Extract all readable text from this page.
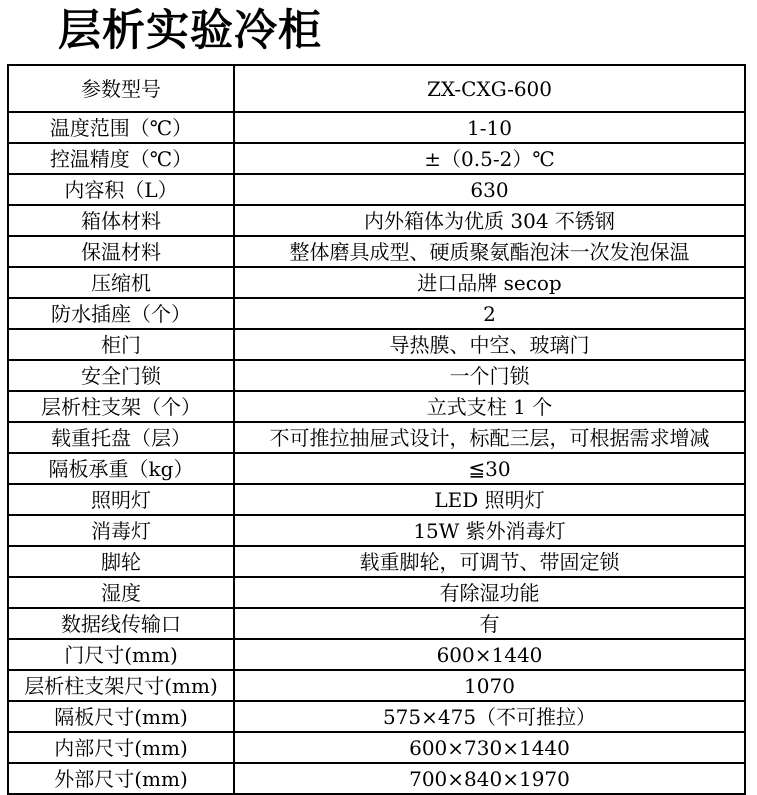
层析实验冷柜
参数型号	ZX-CXG-600
温度范围（℃）	1-10
控温精度（℃）	±（0.5-2）℃
内容积（L）	630
箱体材料	内外箱体为优质 304 不锈钢
保温材料	整体磨具成型、硬质聚氨酯泡沫一次发泡保温
压缩机	进口品牌 secop
防水插座（个）	2
柜门	导热膜、中空、玻璃门
安全门锁	一个门锁
层析柱支架（个）	立式支柱 1 个
载重托盘（层）	不可推拉抽屉式设计，标配三层，可根据需求增减
隔板承重（kg）	≦30
照明灯	LED 照明灯
消毒灯	15W 紫外消毒灯
脚轮	载重脚轮，可调节、带固定锁
湿度	有除湿功能
数据线传输口	有
门尺寸(mm)	600×1440
层析柱支架尺寸(mm)	1070
隔板尺寸(mm)	575×475（不可推拉）
内部尺寸(mm)	600×730×1440
外部尺寸(mm)	700×840×1970
